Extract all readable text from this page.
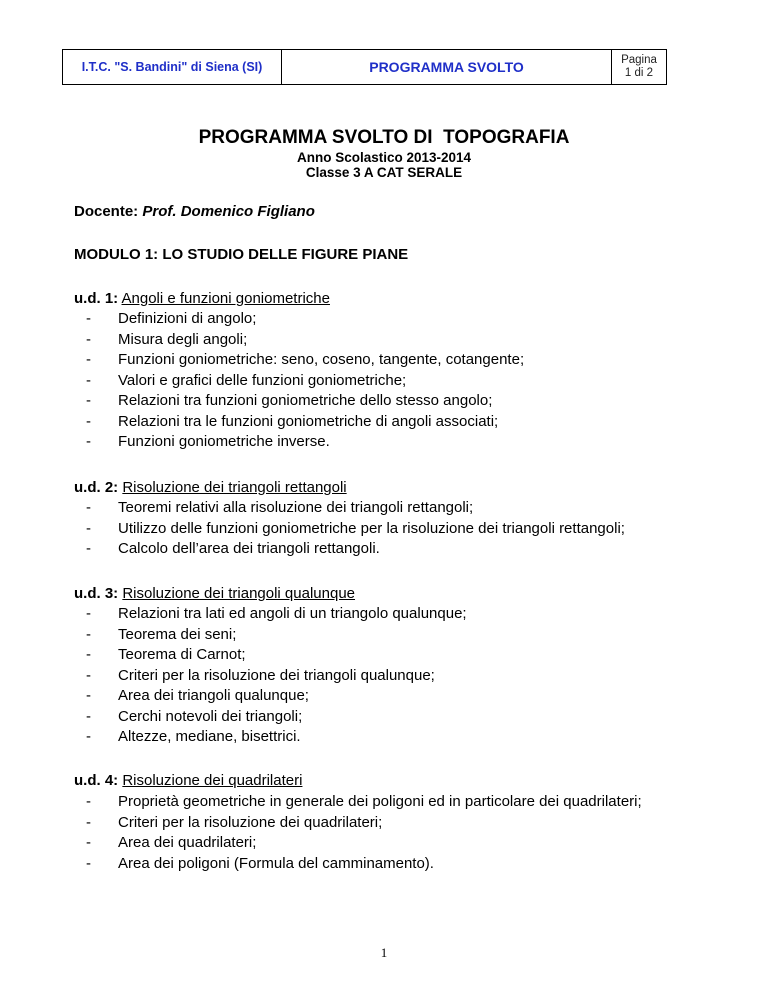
I.T.C. "S. Bandini" di Siena (SI)	PROGRAMMA SVOLTO	Pagina
1 di 2
PROGRAMMA SVOLTO DI  TOPOGRAFIA
Anno Scolastico 2013-2014
Classe 3 A CAT SERALE
Docente: Prof. Domenico Figliano
MODULO 1: LO STUDIO DELLE FIGURE PIANE
u.d. 1: Angoli e funzioni goniometriche
-	Definizioni di angolo;
-	Misura degli angoli;
-	Funzioni goniometriche: seno, coseno, tangente, cotangente;
-	Valori e grafici delle funzioni goniometriche;
-	Relazioni tra funzioni goniometriche dello stesso angolo;
-	Relazioni tra le funzioni goniometriche di angoli associati;
-	Funzioni goniometriche inverse.
u.d. 2: Risoluzione dei triangoli rettangoli
-	Teoremi relativi alla risoluzione dei triangoli rettangoli;
-	Utilizzo delle funzioni goniometriche per la risoluzione dei triangoli rettangoli;
-	Calcolo dell’area dei triangoli rettangoli.
u.d. 3: Risoluzione dei triangoli qualunque
-	Relazioni tra lati ed angoli di un triangolo qualunque;
-	Teorema dei seni;
-	Teorema di Carnot;
-	Criteri per la risoluzione dei triangoli qualunque;
-	Area dei triangoli qualunque;
-	Cerchi notevoli dei triangoli;
-	Altezze, mediane, bisettrici.
u.d. 4: Risoluzione dei quadrilateri
-	Proprietà geometriche in generale dei poligoni ed in particolare dei quadrilateri;
-	Criteri per la risoluzione dei quadrilateri;
-	Area dei quadrilateri;
-	Area dei poligoni (Formula del camminamento).
1
